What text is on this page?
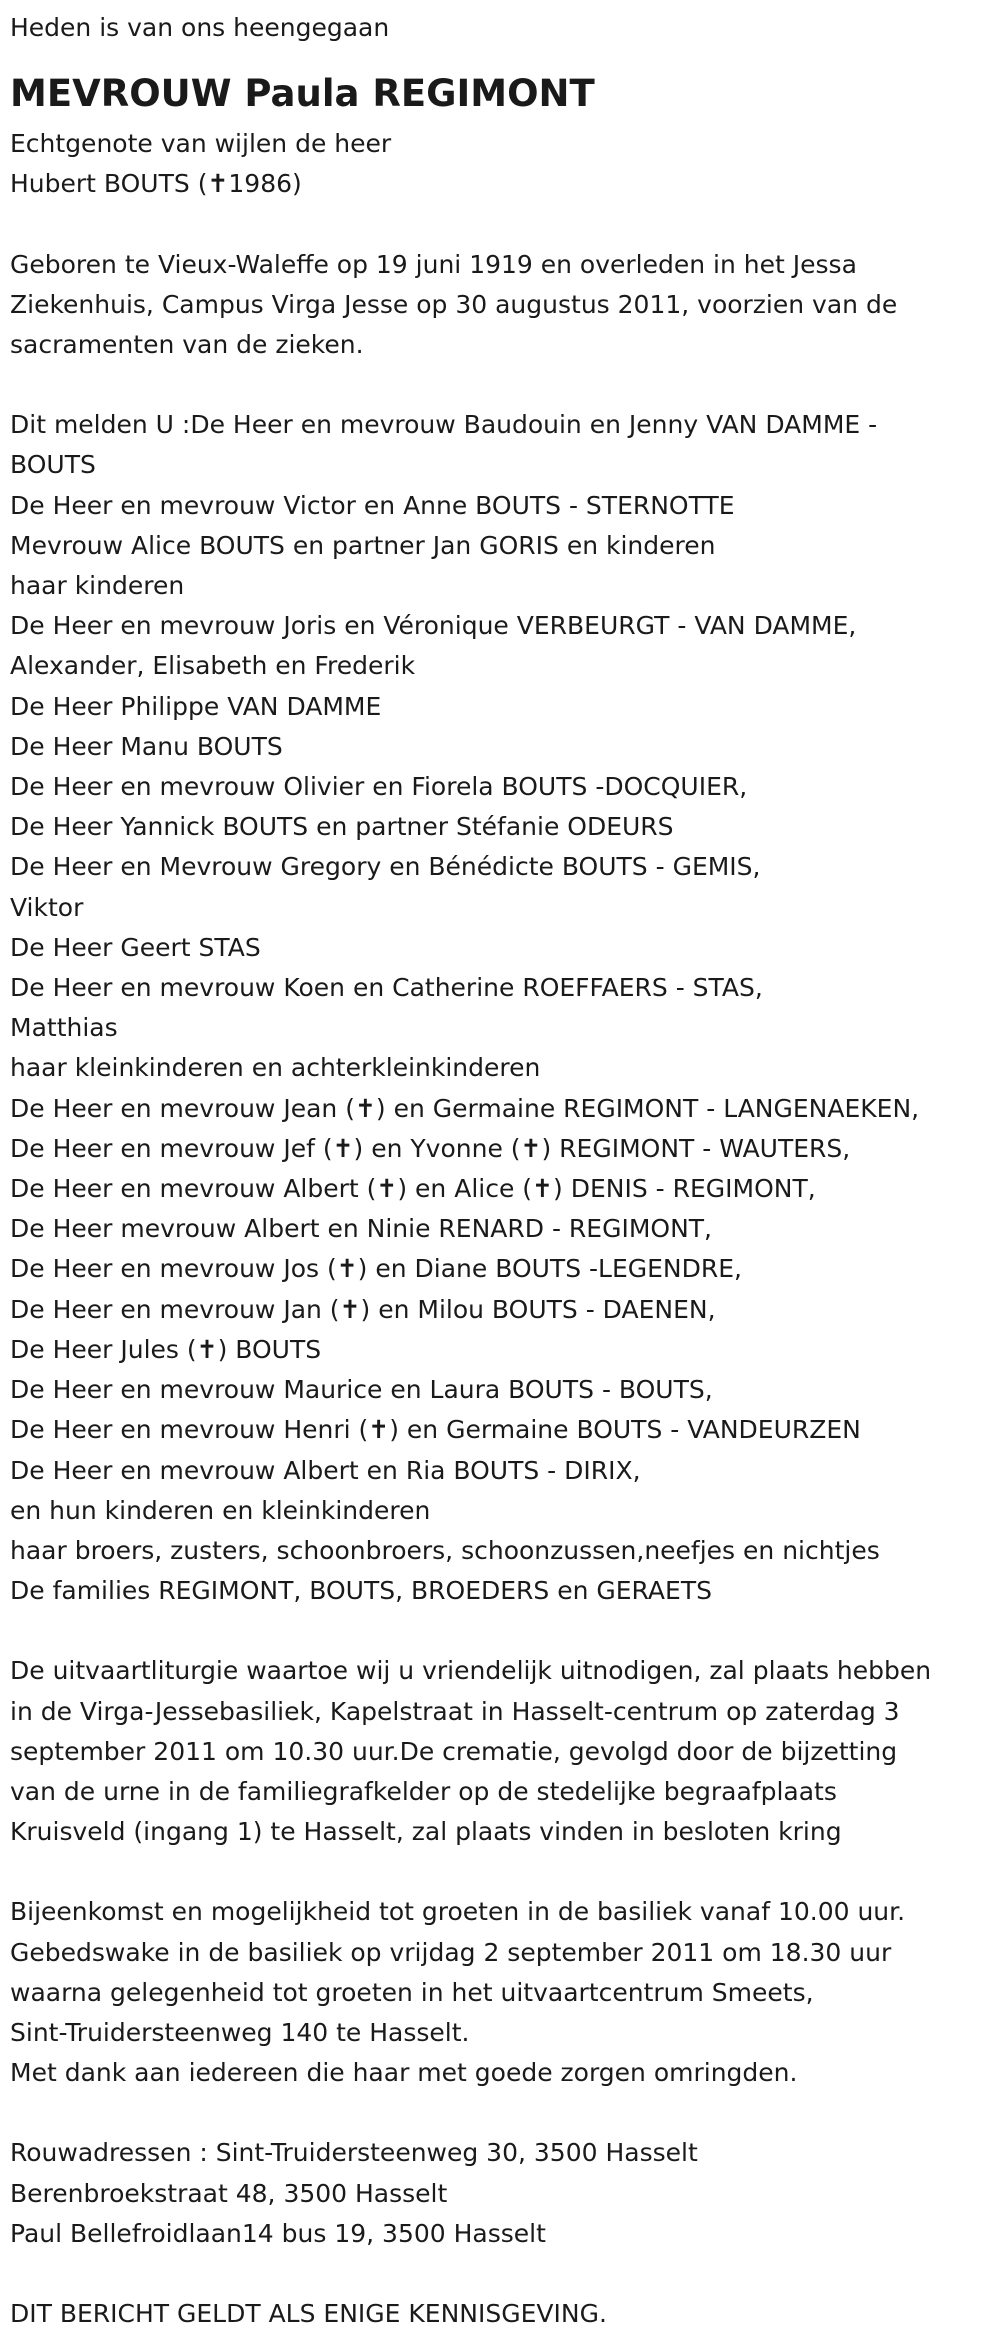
Heden is van ons heengegaan

MEVROUW Paula REGIMONT

Echtgenote van wijlen de heer

Hubert BOUTS (✝1986)

Geboren te Vieux-Waleffe op 19 juni 1919 en overleden in het Jessa

Ziekenhuis, Campus Virga Jesse op 30 augustus 2011, voorzien van de

sacramenten van de zieken.

Dit melden U :De Heer en mevrouw Baudouin en Jenny VAN DAMME -

BOUTS

De Heer en mevrouw Victor en Anne BOUTS - STERNOTTE

Mevrouw Alice BOUTS en partner Jan GORIS en kinderen

haar kinderen

De Heer en mevrouw Joris en Véronique VERBEURGT - VAN DAMME,

Alexander, Elisabeth en Frederik

De Heer Philippe VAN DAMME

De Heer Manu BOUTS

De Heer en mevrouw Olivier en Fiorela BOUTS -DOCQUIER,

De Heer Yannick BOUTS en partner Stéfanie ODEURS

De Heer en Mevrouw Gregory en Bénédicte BOUTS - GEMIS,

Viktor

De Heer Geert STAS

De Heer en mevrouw Koen en Catherine ROEFFAERS - STAS,

Matthias

haar kleinkinderen en achterkleinkinderen

De Heer en mevrouw Jean (✝) en Germaine REGIMONT - LANGENAEKEN,

De Heer en mevrouw Jef (✝) en Yvonne (✝) REGIMONT - WAUTERS,

De Heer en mevrouw Albert (✝) en Alice (✝) DENIS - REGIMONT,

De Heer mevrouw Albert en Ninie RENARD - REGIMONT,

De Heer en mevrouw Jos (✝) en Diane BOUTS -LEGENDRE,

De Heer en mevrouw Jan (✝) en Milou BOUTS - DAENEN,

De Heer Jules (✝) BOUTS

De Heer en mevrouw Maurice en Laura BOUTS - BOUTS,

De Heer en mevrouw Henri (✝) en Germaine BOUTS - VANDEURZEN

De Heer en mevrouw Albert en Ria BOUTS - DIRIX,

en hun kinderen en kleinkinderen

haar broers, zusters, schoonbroers, schoonzussen,neefjes en nichtjes

De families REGIMONT, BOUTS, BROEDERS en GERAETS

De uitvaartliturgie waartoe wij u vriendelijk uitnodigen, zal plaats hebben

in de Virga-Jessebasiliek, Kapelstraat in Hasselt-centrum op zaterdag 3

september 2011 om 10.30 uur.De crematie, gevolgd door de bijzetting

van de urne in de familiegrafkelder op de stedelijke begraafplaats

Kruisveld (ingang 1) te Hasselt, zal plaats vinden in besloten kring

Bijeenkomst en mogelijkheid tot groeten in de basiliek vanaf 10.00 uur.

Gebedswake in de basiliek op vrijdag 2 september 2011 om 18.30 uur

waarna gelegenheid tot groeten in het uitvaartcentrum Smeets,

Sint-Truidersteenweg 140 te Hasselt.

Met dank aan iedereen die haar met goede zorgen omringden.

Rouwadressen : Sint-Truidersteenweg 30, 3500 Hasselt

Berenbroekstraat 48, 3500 Hasselt

Paul Bellefroidlaan14 bus 19, 3500 Hasselt

DIT BERICHT GELDT ALS ENIGE KENNISGEVING.
